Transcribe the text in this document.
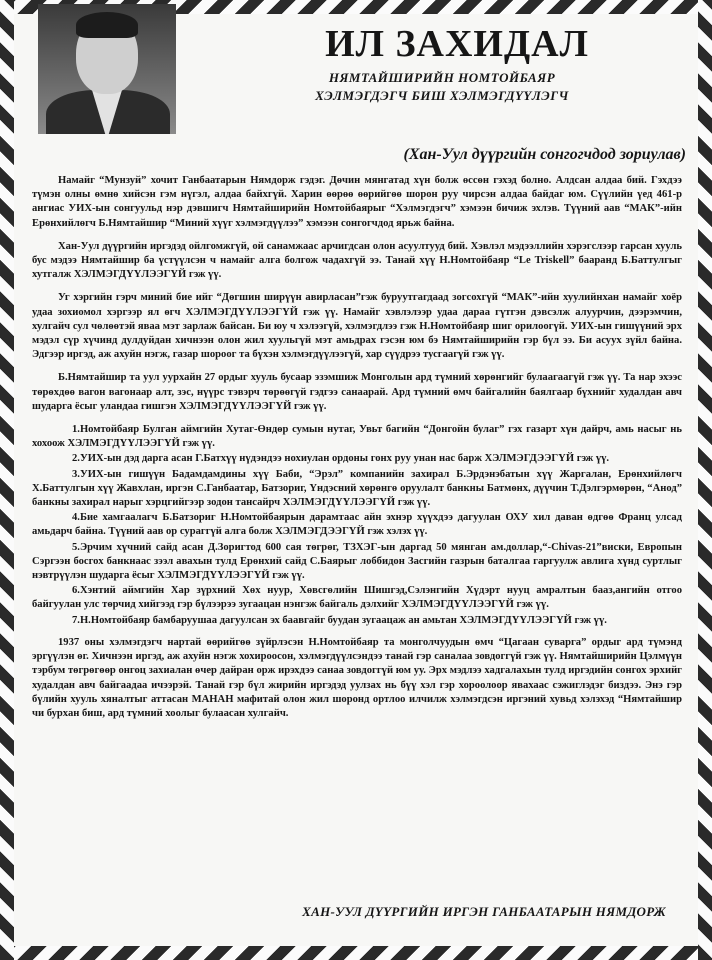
ИЛ ЗАХИДАЛ
НЯМТАЙШИРИЙН НОМТОЙБАЯР
ХЭЛМЭГДЭГЧ БИШ ХЭЛМЭГДҮҮЛЭГЧ
(Хан-Уул дүүргийн сонгогчдод зориулав)

Намайг “Мунзуй” хочит Ганбаатарын Нямдорж гэдэг. Дөчин мянгатад хүн болж өссөн гэхэд болно. Алдсан алдаа бий. Гэхдээ түмэн олны өмнө хийсэн гэм нүгэл, алдаа байхгүй. Харин өөрөө өөрийгөө шорон руу чирсэн алдаа байдаг юм. Сүүлийн үед 461-р ангиас УИХ-ын сонгуульд нэр дэвшигч Нямтайширийн Номтойбаярыг “Хэлмэгдэгч” хэмээн бичиж эхлэв. Түүний аав “МАК”-ийн Ерөнхийлөгч Б.Нямтайшир “Миний хүүг хэлмэгдүүлээ” хэмээн сонгогчдод ярьж байна.

Хан-Уул дүүргийн иргэдэд ойлгомжгүй, ой санамжаас арчигдсан олон асуултууд бий. Хэвлэл мэдээллийн хэрэгслээр гарсан хууль бус мэдээ Нямтайшир ба үстүүлсэн ч намайг алга болгож чадахгүй ээ. Танай хүү Н.Номтойбаяр “Le Triskell” бааранд Б.Баттулгыг хутгалж ХЭЛМЭГДҮҮЛЭЭГҮЙ гэж үү.

Уг хэргийн гэрч миний бие ийг “Дөгшин ширүүн авирласан”гэж буруутгагдаад зогсохгүй “МАК”-ийн хуулийнхан намайг хоёр удаа зохиомол хэргээр ял өгч ХЭЛМЭГДҮҮЛЭЭГҮЙ гэж үү. Намайг хэвлэлээр удаа дараа гүтгэн дэвсэлж алуурчин, дээрэмчин, хулгайч сул чөлөөтэй явaa мэт зарлаж байсан. Би юу ч хэлээгүй, хэлмэгдлээ гэж Н.Номтойбаяр шиг орилоогүй. УИХ-ын гишүүний эрх мэдэл сүр хүчинд дулдуйдан хичнээн олон жил хуульгүй мэт амьдрах гэсэн юм бэ Нямтайширийн гэр бүл ээ. Би асуух зүйл байна. Эдгээр иргэд, аж ахуйн нэгж, газар шороог та бүхэн хэлмэгдүүлээгүй, хар сүүдрээ тусгаагүй гэж үү.

Б.Нямтайшир та уул уурхайн 27 ордыг хууль бусаар эзэмшиж Монголын ард түмний хөрөнгийг булаагаагүй гэж үү. Та нар эхээс төрөхдөө вагон вагонаар алт, зэс, нүүрс тэвэрч төрөөгүй гэдгээ санаарай. Ард түмний өмч байгалийн баялгаар бүхнийг худалдан авч шударга ёсыг уландаа гишгэн ХЭЛМЭГДҮҮЛЭЭГҮЙ гэж үү.

1.Номтойбаяр Булган аймгийн Хутаг-Өндөр сумын нутаг, Увьт багийн “Донгойн булаг” гэх газарт хүн дайрч, амь насыг нь хохоож ХЭЛМЭГДҮҮЛЭЭГҮЙ гэж үү.

2.УИХ-ын дэд дарга асан Г.Батхүү нүдэндээ нохиулан ордоны гонх руу унан нас барж ХЭЛМЭГДЭЭГҮЙ гэж үү.

3.УИХ-ын гишүүн Бадамдамдины хүү Баби, “Эрэл” компанийн захирал Б.Эрдэнэбатын хүү Жаргалан, Ерөнхийлөгч Х.Баттулгын хүү Жавхлан, иргэн С.Ганбаатар, Батзориг, Үндэсний хөрөнгө оруулалт банкны Батмөнх, дүүчин Т.Дэлгэрмөрөн, “Анод” банкны захирал нарыг хэрцгийгээр зодон тансайрч ХЭЛМЭГДҮҮЛЭЭГҮЙ гэж үү.

4.Бие хамгаалагч Б.Батзориг Н.Номтойбаярын дарамтаас айн эхнэр хүүхдээ дагуулан ОХУ хил даван өдгөө Франц улсад амьдарч байна. Түүний аав ор сураггүй алга болж ХЭЛМЭГДЭЭГҮЙ гэж хэлэх үү.

5.Эрчим хүчний сайд асан Д.Зоригтод 600 сая төгрөг, ТЗХЭГ-ын даргад 50 мянган ам.доллар,“-Chivas-21”виски, Европын Сэргээн босгох банкнаас зээл авахын тулд Ерөнхий сайд С.Баярыг лоббидон Засгийн газрын баталгаа гаргуулж авлига хүнд суртлыг нэвтрүүлэн шударга ёсыг ХЭЛМЭГДҮҮЛЭЭГҮЙ гэж үү.

6.Хэнтий аймгийн Хар зүрхний Хөх нуур, Хөвсгөлийн Шишгэд,Сэлэнгийн Хүдэрт нууц амралтын бааз,ангийн отгоо байгуулан улс төрчид хийгээд гэр бүлээрээ зугаацан нэнгэж байгаль дэлхийг ХЭЛМЭГДҮҮЛЭЭГҮЙ гэж үү.

7.Н.Номтойбаяр бамбаруушаа дагуулсан эх баавгайг буудан зугаацаж ан амьтан ХЭЛМЭГДҮҮЛЭЭГҮЙ гэж үү.

1937 оны хэлмэгдэгч нартай өөрийгөө зүйрлэсэн Н.Номтойбаяр та монголчуудын өмч “Цагаан суварга” ордыг ард түмэнд эргүүлэн өг. Хичнээн иргэд, аж ахуйн нэгж хохироосон, хэлмэгдүүлсэндээ танай гэр саналаа зовдоггүй гэж үү. Нямтайширийн Цэлмүүн тэрбум төгрөгөөр онгоц захиалан өчер дайран орж ирэхдээ санаа зовдоггүй юм уу. Эрх мэдлээ хадгалахын тулд иргэдийн сонгох эрхийг худалдан авч байгаадаа ичээрэй. Танай гэр бүл жирийн иргэдэд уулзах нь бүү хэл гэр хороолоор явахаас сэжиглэдэг биздээ. Энэ гэр бүлийн хууль хяналтыг аттасан МАНАН мафитай олон жил шоронд ортлоо илчилж хэлмэгдсэн иргэний хувьд хэлэхэд “Нямтайшир чи бурхан биш, ард түмний хоолыг булаасан хулгайч.

ХАН-УУЛ ДҮҮРГИЙН ИРГЭН ГАНБААТАРЫН НЯМДОРЖ
